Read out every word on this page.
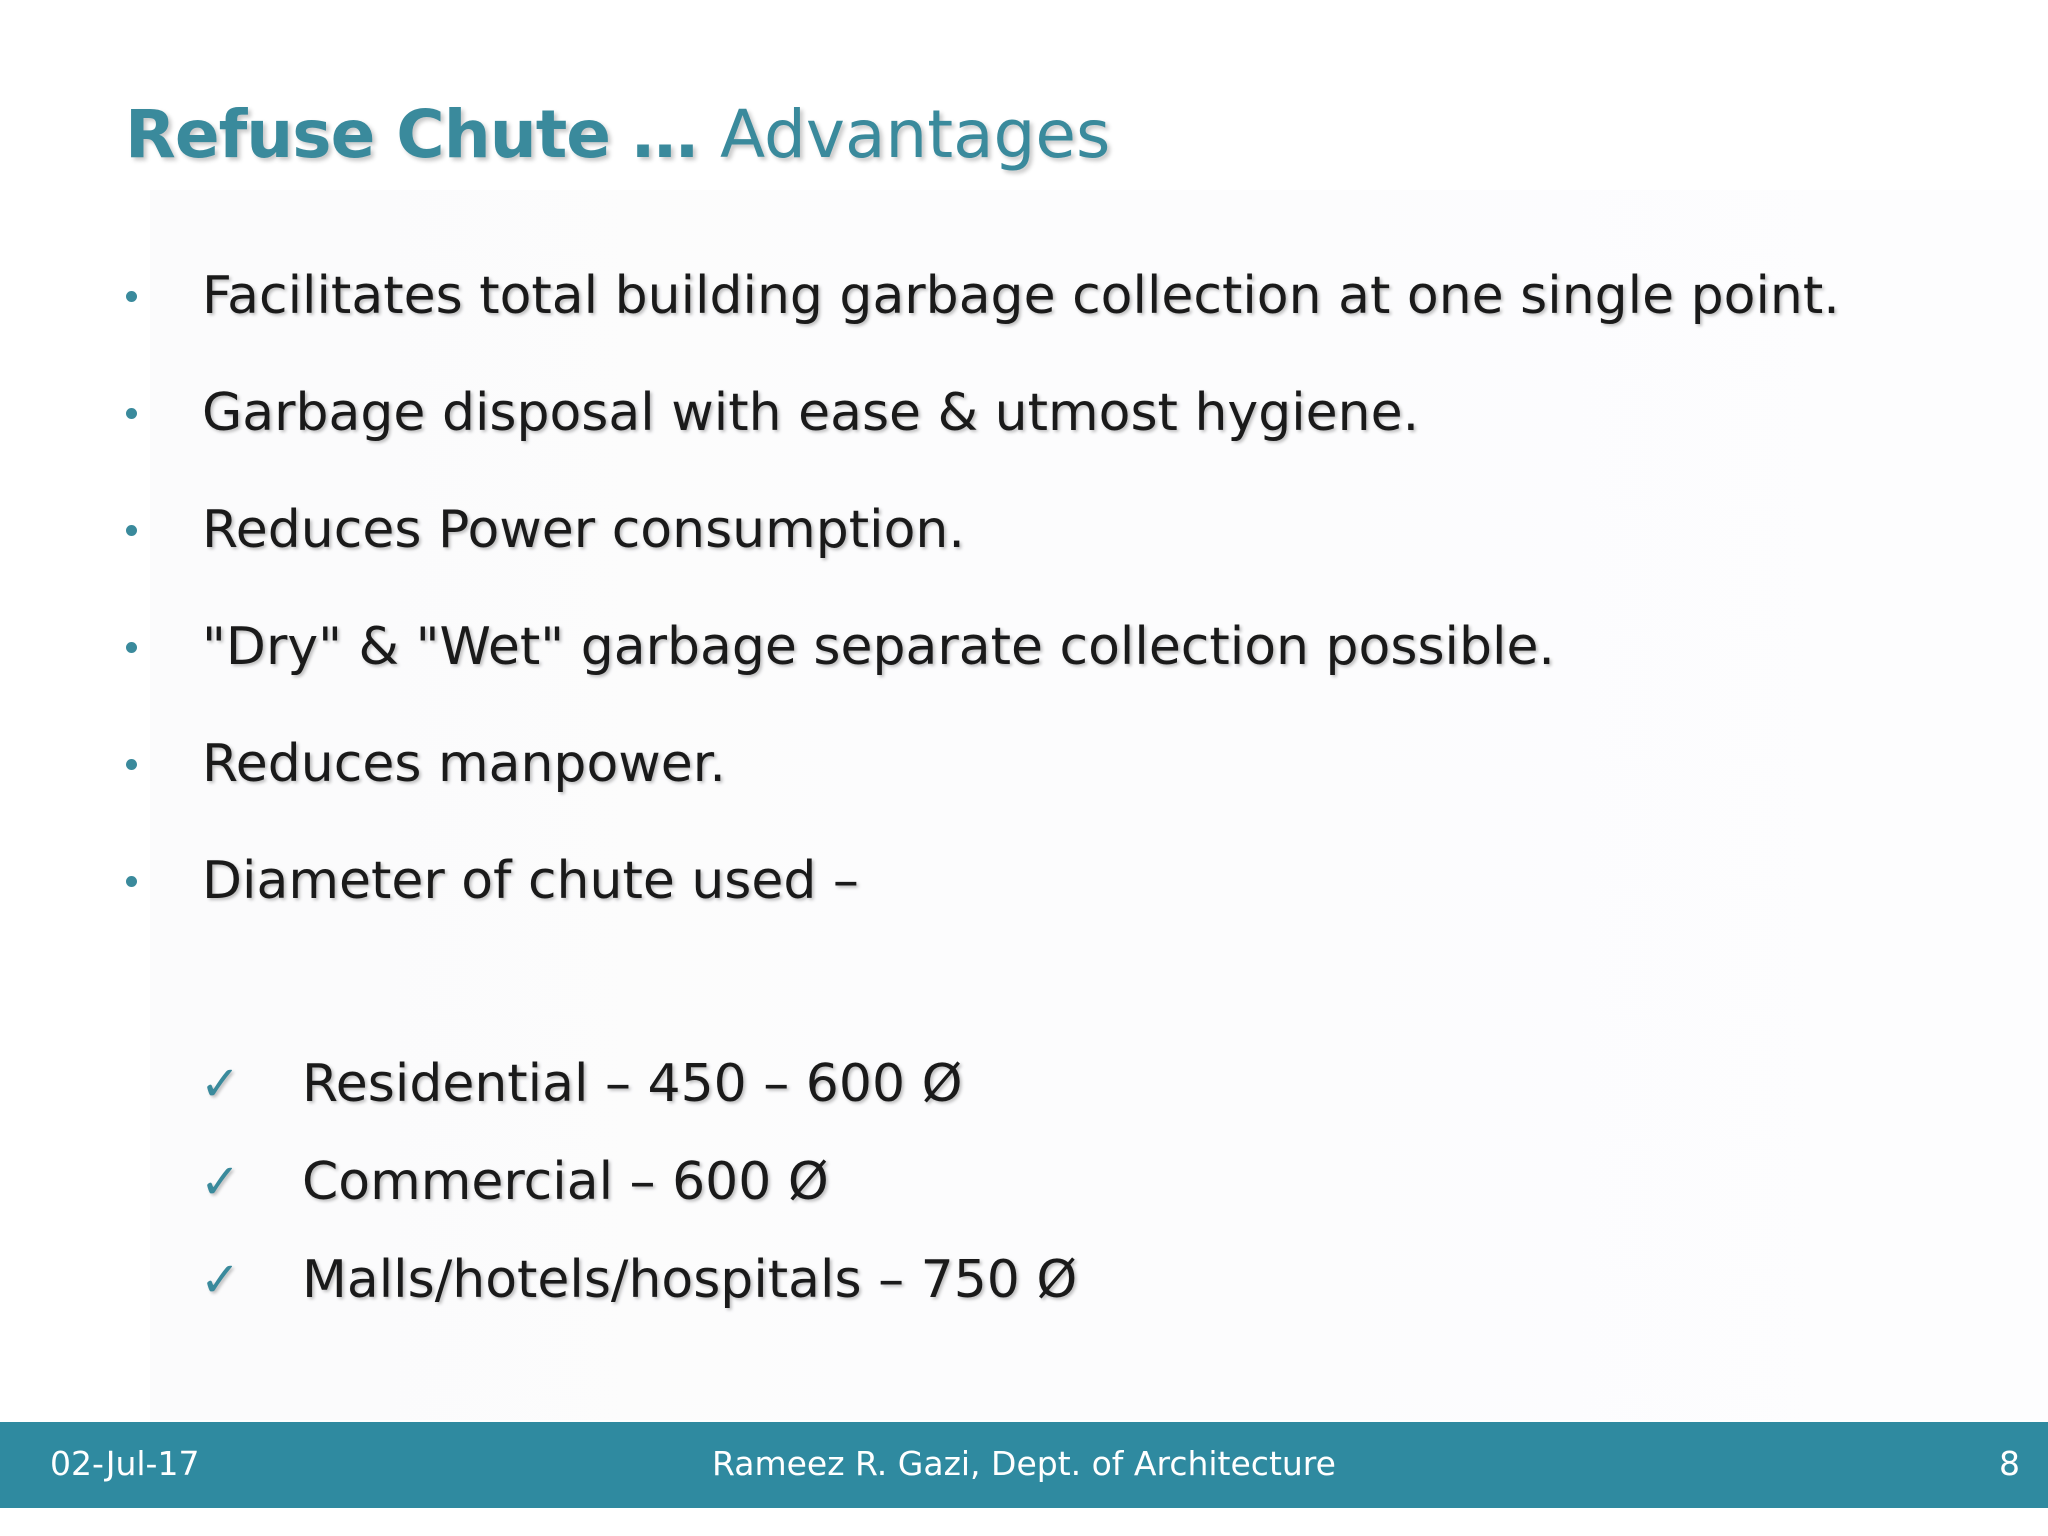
Refuse Chute … Advantages
Facilitates total building garbage collection at one single point.
Garbage disposal with ease & utmost hygiene.
Reduces Power consumption.
"Dry" & "Wet" garbage separate collection possible.
Reduces manpower.
Diameter of chute used –
✓ Residential – 450 – 600 Ø
✓ Commercial – 600 Ø
✓ Malls/hotels/hospitals – 750 Ø
02-Jul-17	Rameez R. Gazi, Dept. of Architecture	8
